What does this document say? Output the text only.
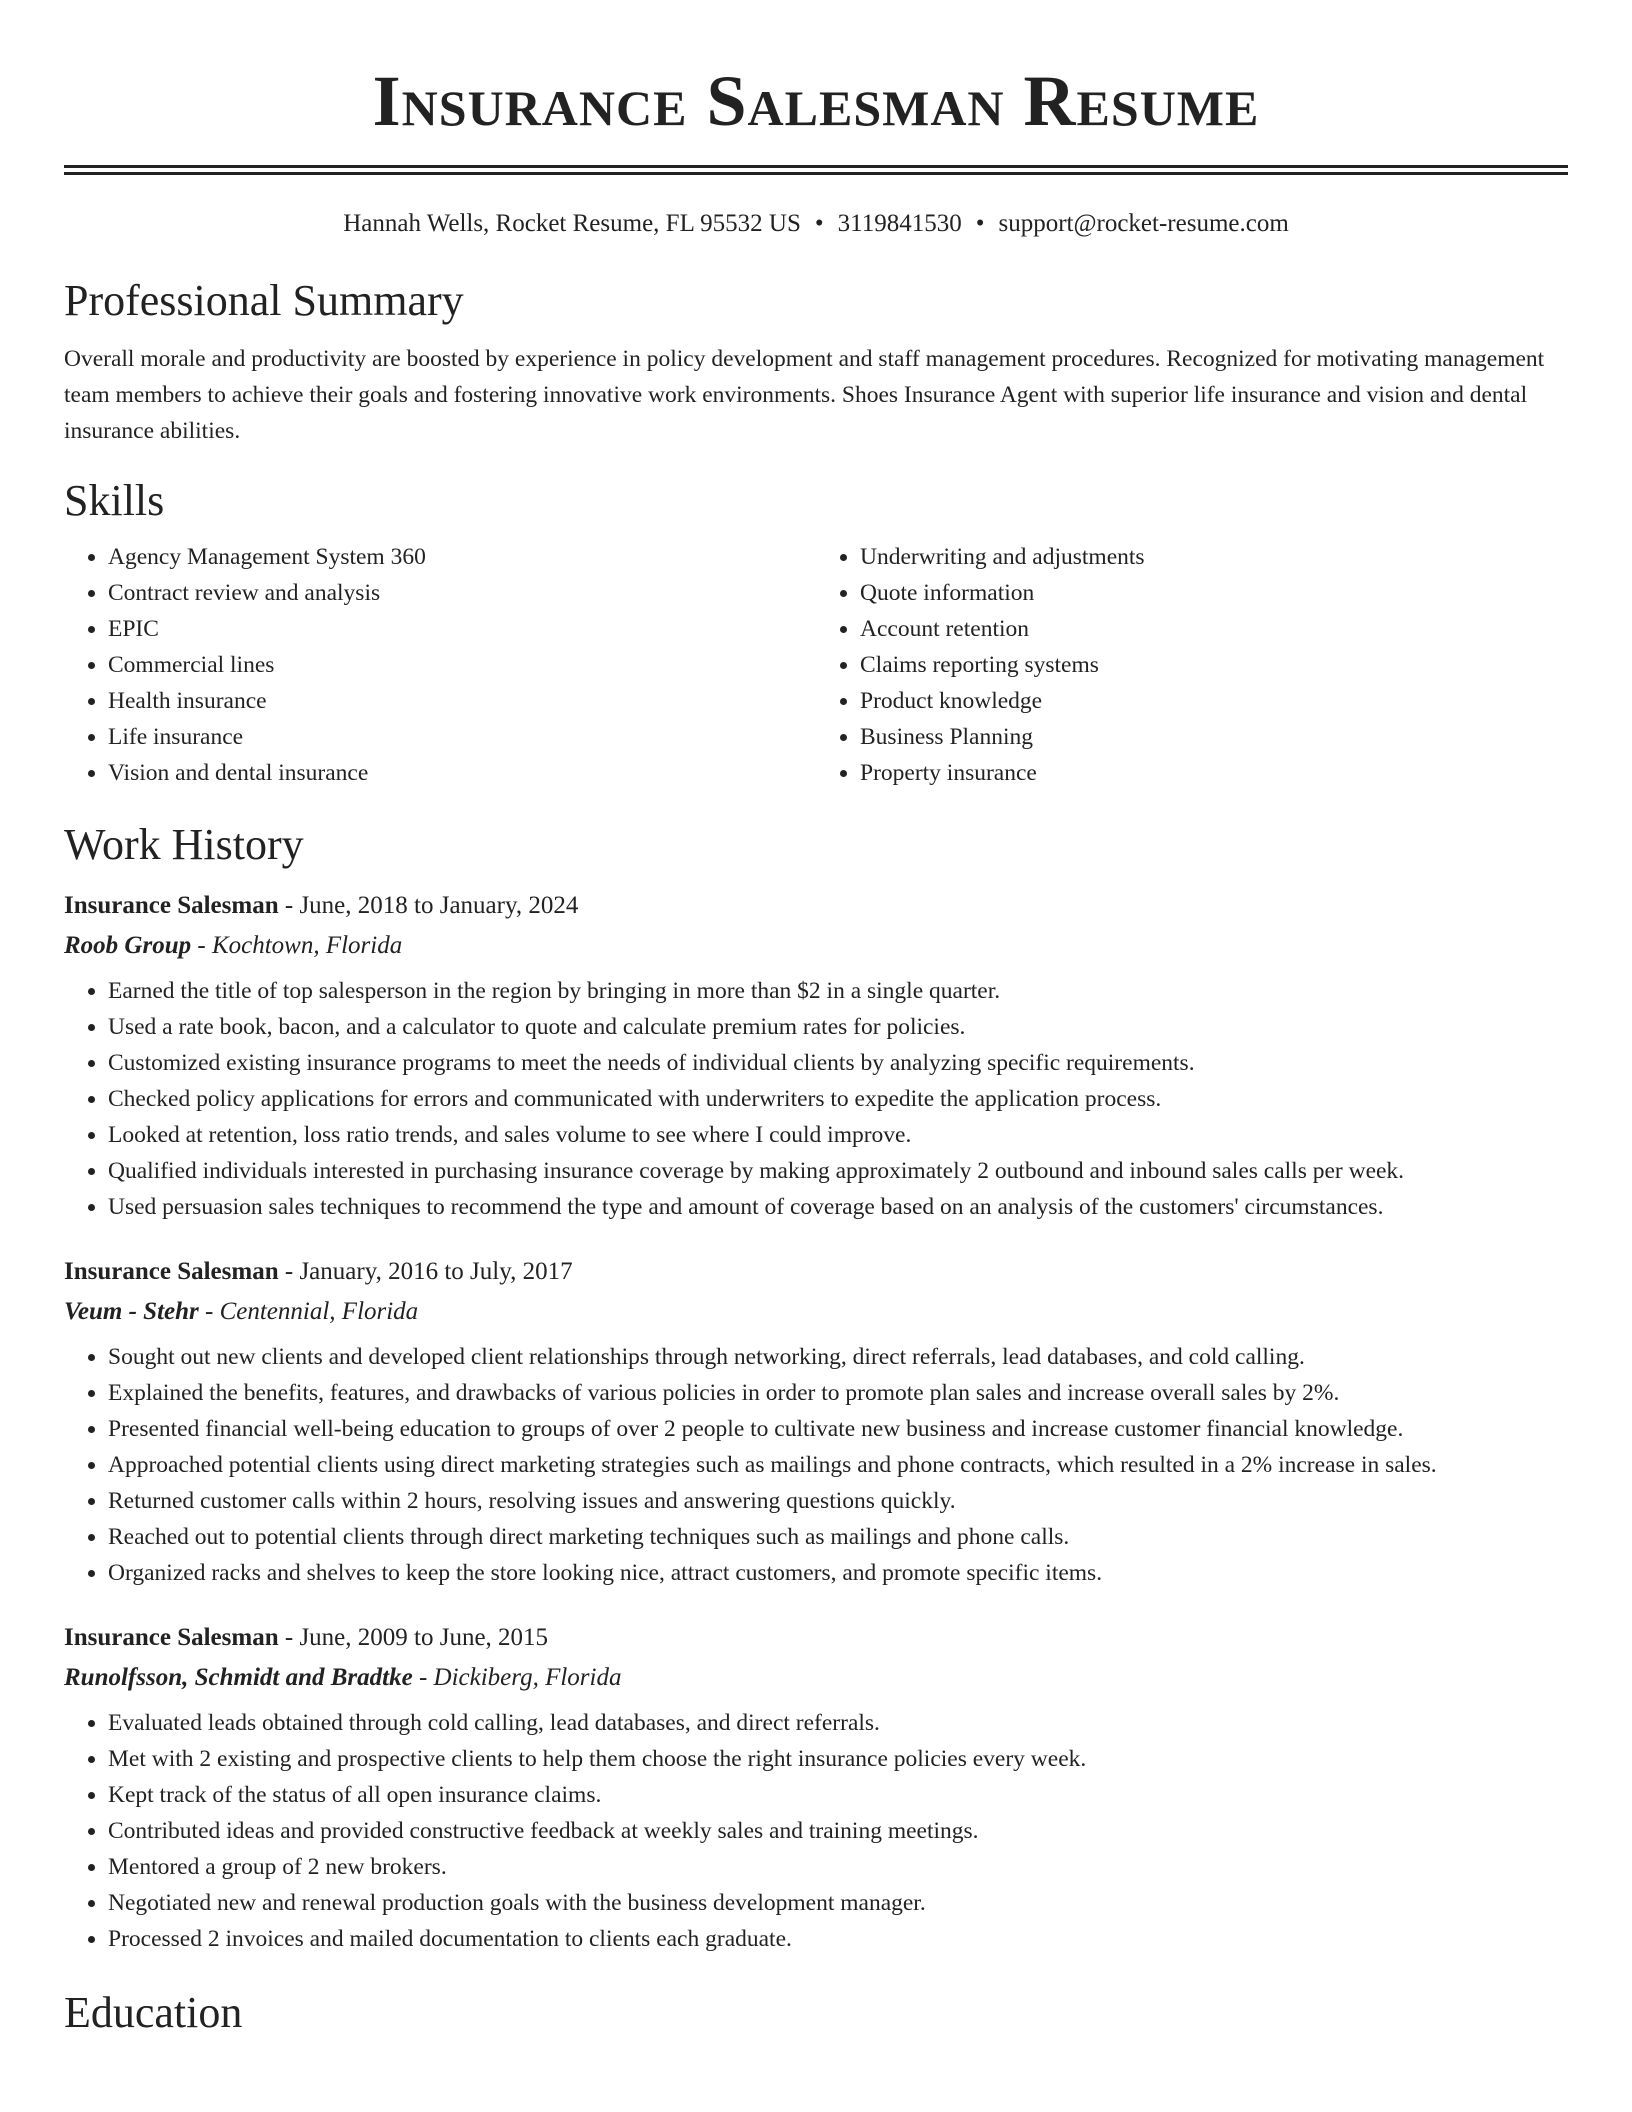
Insurance Salesman Resume
Hannah Wells, Rocket Resume, FL 95532 US • 3119841530 • support@rocket-resume.com
Professional Summary

Overall morale and productivity are boosted by experience in policy development and staff management procedures. Recognized for motivating management team members to achieve their goals and fostering innovative work environments. Shoes Insurance Agent with superior life insurance and vision and dental insurance abilities.

Skills
• Agency Management System 360
• Contract review and analysis
• EPIC
• Commercial lines
• Health insurance
• Life insurance
• Vision and dental insurance
• Underwriting and adjustments
• Quote information
• Account retention
• Claims reporting systems
• Product knowledge
• Business Planning
• Property insurance
Work History
Insurance Salesman - June, 2018 to January, 2024
Roob Group - Kochtown, Florida
• Earned the title of top salesperson in the region by bringing in more than $2 in a single quarter.
• Used a rate book, bacon, and a calculator to quote and calculate premium rates for policies.
• Customized existing insurance programs to meet the needs of individual clients by analyzing specific requirements.
• Checked policy applications for errors and communicated with underwriters to expedite the application process.
• Looked at retention, loss ratio trends, and sales volume to see where I could improve.
• Qualified individuals interested in purchasing insurance coverage by making approximately 2 outbound and inbound sales calls per week.
• Used persuasion sales techniques to recommend the type and amount of coverage based on an analysis of the customers' circumstances.
Insurance Salesman - January, 2016 to July, 2017
Veum - Stehr - Centennial, Florida
• Sought out new clients and developed client relationships through networking, direct referrals, lead databases, and cold calling.
• Explained the benefits, features, and drawbacks of various policies in order to promote plan sales and increase overall sales by 2%.
• Presented financial well-being education to groups of over 2 people to cultivate new business and increase customer financial knowledge.
• Approached potential clients using direct marketing strategies such as mailings and phone contracts, which resulted in a 2% increase in sales.
• Returned customer calls within 2 hours, resolving issues and answering questions quickly.
• Reached out to potential clients through direct marketing techniques such as mailings and phone calls.
• Organized racks and shelves to keep the store looking nice, attract customers, and promote specific items.
Insurance Salesman - June, 2009 to June, 2015
Runolfsson, Schmidt and Bradtke - Dickiberg, Florida
• Evaluated leads obtained through cold calling, lead databases, and direct referrals.
• Met with 2 existing and prospective clients to help them choose the right insurance policies every week.
• Kept track of the status of all open insurance claims.
• Contributed ideas and provided constructive feedback at weekly sales and training meetings.
• Mentored a group of 2 new brokers.
• Negotiated new and renewal production goals with the business development manager.
• Processed 2 invoices and mailed documentation to clients each graduate.
Education
